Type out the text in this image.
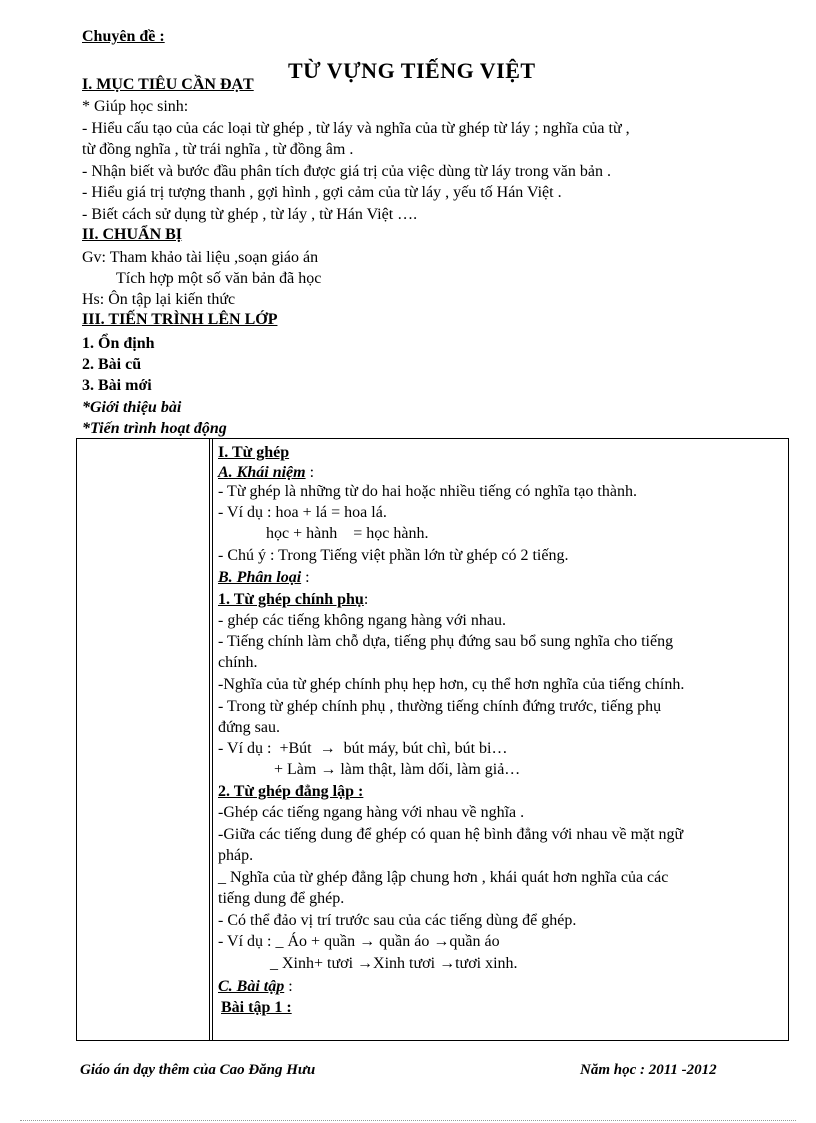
Chuyên đề :
TỪ VỰNG TIẾNG VIỆT
I. MỤC TIÊU CẦN ĐẠT
* Giúp học sinh:
- Hiểu cấu tạo của các loại từ ghép , từ láy và nghĩa của từ ghép từ láy ; nghĩa của từ ,
từ đồng nghĩa , từ trái nghĩa , từ đồng âm .
- Nhận biết và bước đầu phân tích được giá trị của việc dùng từ láy trong văn bản .
- Hiểu giá trị tượng thanh , gợi hình , gợi cảm của từ láy , yếu tố Hán Việt .
- Biết cách sử dụng từ ghép , từ láy , từ Hán Việt ….
II. CHUẨN BỊ
Gv: Tham khảo tài liệu ,soạn giáo án
Tích hợp một số văn bản đã học
Hs: Ôn tập lại kiến thức
III. TIẾN TRÌNH LÊN LỚP
1. Ổn định
2. Bài cũ
3. Bài mới
*Giới thiệu bài
*Tiến trình hoạt động
I. Từ ghép
A. Khái niệm :
- Từ ghép là những từ do hai hoặc nhiều tiếng có nghĩa tạo thành.
- Ví dụ : hoa + lá = hoa lá.
học + hành    = học hành.
- Chú ý : Trong Tiếng việt phần lớn từ ghép có 2 tiếng.
B. Phân loại :
1. Từ ghép chính phụ:
- ghép các tiếng không ngang hàng với nhau.
- Tiếng chính làm chỗ dựa, tiếng phụ đứng sau bổ sung nghĩa cho tiếng
chính.
-Nghĩa của từ ghép chính phụ hẹp hơn, cụ thể hơn nghĩa của tiếng chính.
- Trong từ ghép chính phụ , thường tiếng chính đứng trước, tiếng phụ
đứng sau.
- Ví dụ :  +Bút  →  bút máy, bút chì, bút bi…
+ Làm → làm thật, làm dối, làm giả…
2. Từ ghép đẳng lập :
-Ghép các tiếng ngang hàng với nhau về nghĩa .
-Giữa các tiếng dung để ghép có quan hệ bình đẳng với nhau về mặt ngữ
pháp.
_ Nghĩa của từ ghép đẳng lập chung hơn , khái quát hơn nghĩa của các
tiếng dung để ghép.
- Có thể đảo vị trí trước sau của các tiếng dùng để ghép.
- Ví dụ : _ Áo + quần → quần áo →quần áo
_ Xinh+ tươi →Xinh tươi →tươi xinh.
C. Bài tập :
Bài tập 1 :
Giáo án dạy thêm của Cao Đăng Hưu	Năm học : 2011 -2012
